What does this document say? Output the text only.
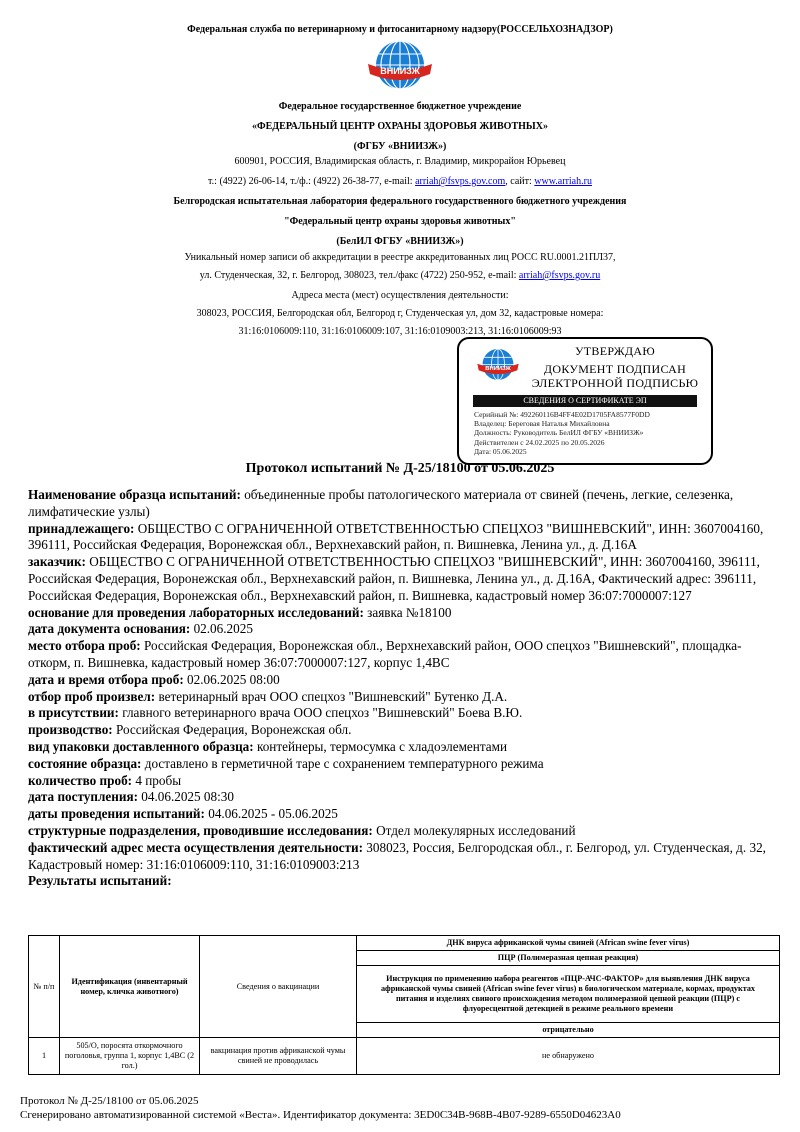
Федеральная служба по ветеринарному и фитосанитарному надзору(РОССЕЛЬХОЗНАДЗОР)
ВНИИЗЖ
Федеральное государственное бюджетное учреждение
«ФЕДЕРАЛЬНЫЙ ЦЕНТР ОХРАНЫ ЗДОРОВЬЯ ЖИВОТНЫХ»
(ФГБУ «ВНИИЗЖ»)
600901, РОССИЯ, Владимирская область, г. Владимир, микрорайон Юрьевец
т.: (4922) 26-06-14, т./ф.: (4922) 26-38-77, e-mail: arriah@fsvps.gov.com, сайт: www.arriah.ru
Белгородская испытательная лаборатория федерального государственного бюджетного учреждения
"Федеральный центр охраны здоровья животных"
(БелИЛ ФГБУ «ВНИИЗЖ»)
Уникальный номер записи об аккредитации в реестре аккредитованных лиц РОСС RU.0001.21ПЛ37,
ул. Студенческая, 32, г. Белгород, 308023, тел./факс (4722) 250-952, e-mail: arriah@fsvps.gov.ru
Адреса места (мест) осуществления деятельности:
308023, РОССИЯ, Белгородская обл, Белгород г, Студенческая ул, дом 32, кадастровые номера:
31:16:0106009:110, 31:16:0106009:107, 31:16:0109003:213, 31:16:0106009:93
ВНИИЗЖ
УТВЕРЖДАЮ
ДОКУМЕНТ ПОДПИСАН
ЭЛЕКТРОННОЙ ПОДПИСЬЮ
СВЕДЕНИЯ О СЕРТИФИКАТЕ ЭП
Серийный №: 492260116B4FF4E02D1705FA8577F0DD
Владелец: Береговая Наталья Михайловна
Должность: Руководитель БелИЛ ФГБУ «ВНИИЗЖ»
Действителен с 24.02.2025 по 20.05.2026
Дата: 05.06.2025
Протокол испытаний № Д-25/18100 от 05.06.2025

Наименование образца испытаний: объединенные пробы патологического материала от свиней (печень, легкие, селезенка, лимфатические узлы)

принадлежащего: ОБЩЕСТВО С ОГРАНИЧЕННОЙ ОТВЕТСТВЕННОСТЬЮ СПЕЦХОЗ "ВИШНЕВСКИЙ", ИНН: 3607004160, 396111, Российская Федерация, Воронежская обл., Верхнехавский район, п. Вишневка, Ленина ул., д. Д.16А

заказчик: ОБЩЕСТВО С ОГРАНИЧЕННОЙ ОТВЕТСТВЕННОСТЬЮ СПЕЦХОЗ "ВИШНЕВСКИЙ", ИНН: 3607004160, 396111, Российская Федерация, Воронежская обл., Верхнехавский район, п. Вишневка, Ленина ул., д. Д.16А, Фактический адрес: 396111, Российская Федерация, Воронежская обл., Верхнехавский район, п. Вишневка, кадастровый номер 36:07:7000007:127

основание для проведения лабораторных исследований: заявка №18100

дата документа основания: 02.06.2025

место отбора проб: Российская Федерация, Воронежская обл., Верхнехавский район, ООО спецхоз "Вишневский", площадка-откорм, п. Вишневка, кадастровый номер 36:07:7000007:127, корпус 1,4ВС

дата и время отбора проб: 02.06.2025 08:00

отбор проб произвел: ветеринарный врач ООО спецхоз "Вишневский" Бутенко Д.А.

в присутствии: главного ветеринарного врача ООО спецхоз "Вишневский" Боева В.Ю.

производство: Российская Федерация, Воронежская обл.

вид упаковки доставленного образца: контейнеры, термосумка с хладоэлементами

состояние образца: доставлено в герметичной таре с сохранением температурного режима

количество проб: 4 пробы

дата поступления: 04.06.2025 08:30

даты проведения испытаний: 04.06.2025 - 05.06.2025

структурные подразделения, проводившие исследования: Отдел молекулярных исследований

фактический адрес места осуществления деятельности: 308023, Россия, Белгородская обл., г. Белгород, ул. Студенческая, д. 32, Кадастровый номер: 31:16:0106009:110, 31:16:0109003:213

Результаты испытаний:

№ п/п	Идентификация (инвентарный номер, кличка животного)	Сведения о вакцинации	ДНК вируса африканской чумы свиней (African swine fever virus)
			ПЦР (Полимеразная цепная реакция)
			Инструкция по применению набора реагентов «ПЦР-АЧС-ФАКТОР» для выявления ДНК вируса африканской чумы свиней (African swine fever virus) в биологическом материале, кормах, продуктах питания и изделиях свиного происхождения методом полимеразной цепной реакции (ПЦР) с флуоресцентной детекцией в режиме реального времени
			отрицательно

1	505/О, поросята откормочного поголовья, группа 1, корпус 1,4ВС (2 гол.)	вакцинация против африканской чумы свиней не проводилась	не обнаружено
Протокол № Д-25/18100 от 05.06.2025
Сгенерировано автоматизированной системой «Веста». Идентификатор документа: 3ED0C34B-968B-4B07-9289-6550D04623A0
